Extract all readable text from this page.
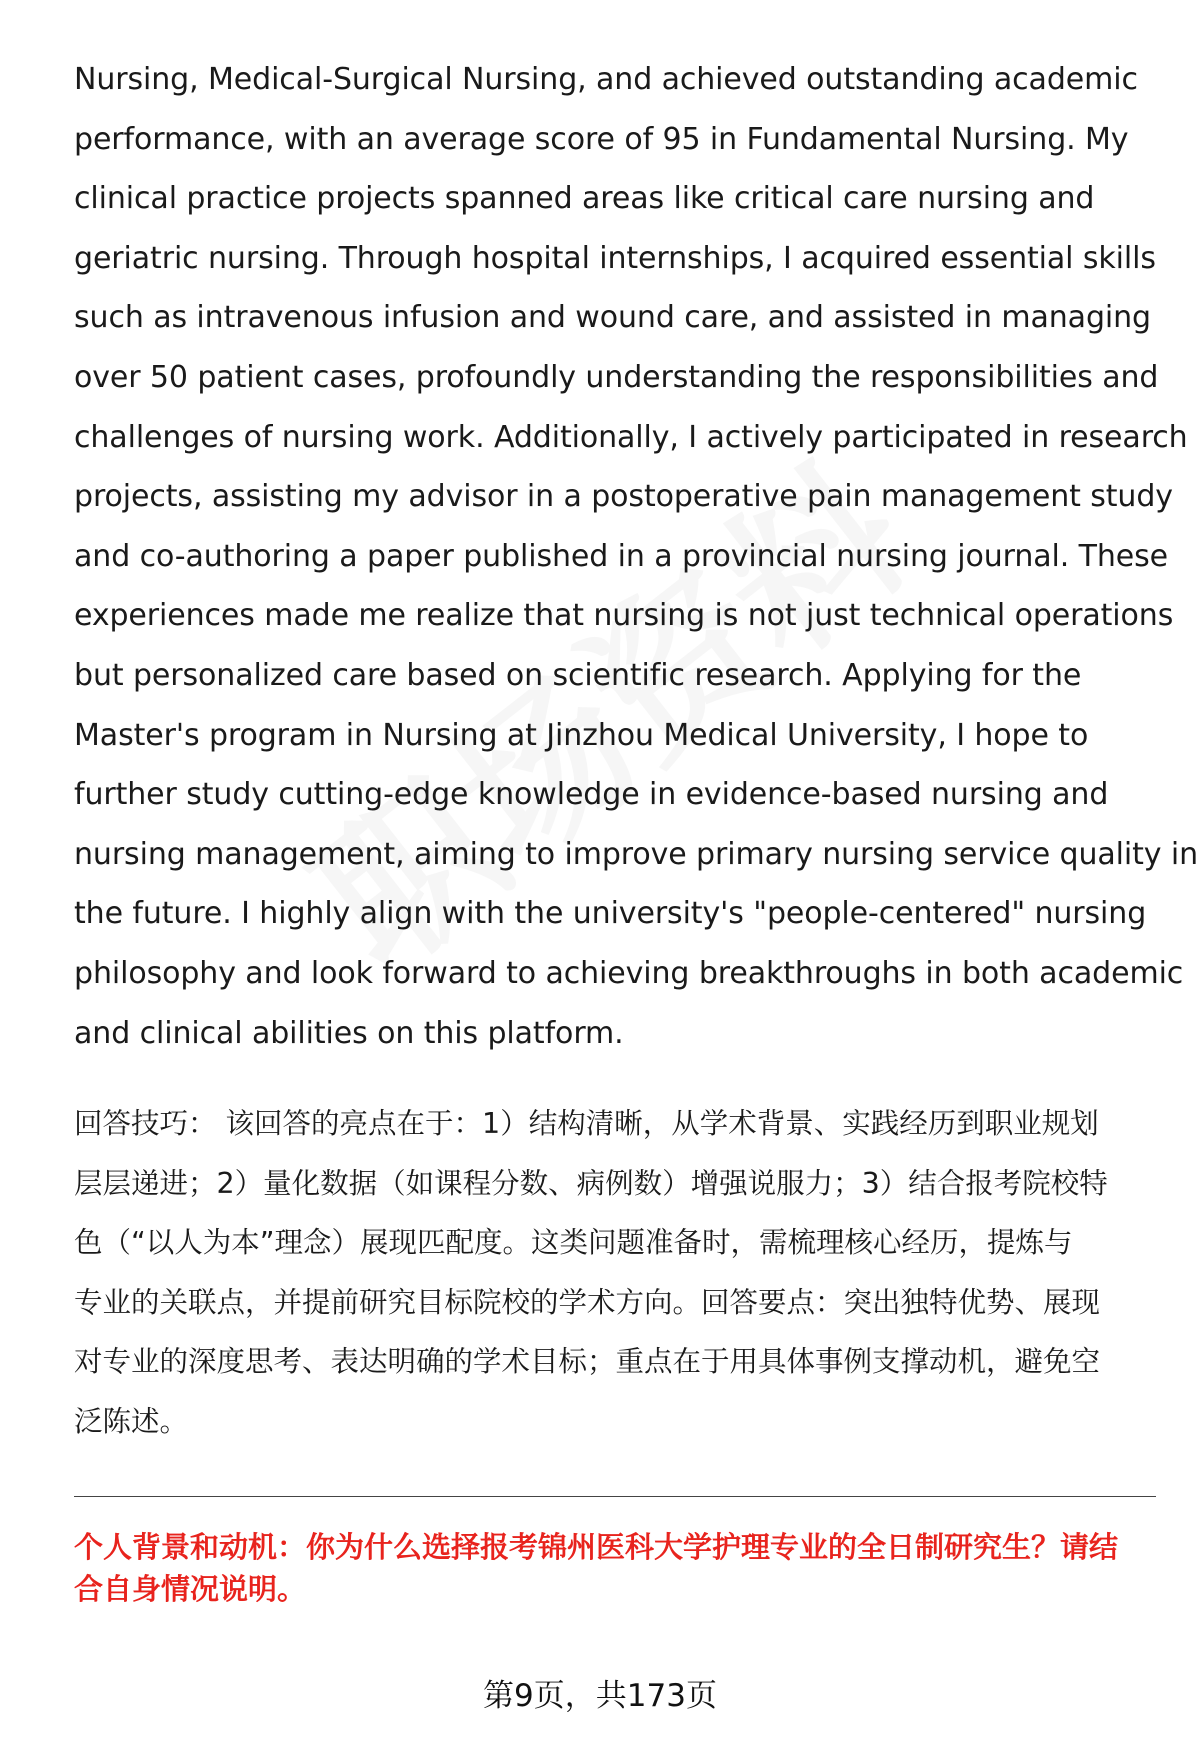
Nursing, Medical-Surgical Nursing, and achieved outstanding academic
performance, with an average score of 95 in Fundamental Nursing. My
clinical practice projects spanned areas like critical care nursing and
geriatric nursing. Through hospital internships, I acquired essential skills
such as intravenous infusion and wound care, and assisted in managing
over 50 patient cases, profoundly understanding the responsibilities and
challenges of nursing work. Additionally, I actively participated in research
projects, assisting my advisor in a postoperative pain management study
and co-authoring a paper published in a provincial nursing journal. These
experiences made me realize that nursing is not just technical operations
but personalized care based on scientific research. Applying for the
Master's program in Nursing at Jinzhou Medical University, I hope to
further study cutting-edge knowledge in evidence-based nursing and
nursing management, aiming to improve primary nursing service quality in
the future. I highly align with the university's "people-centered" nursing
philosophy and look forward to achieving breakthroughs in both academic
and clinical abilities on this platform.

回答技巧： 该回答的亮点在于：1）结构清晰，从学术背景、实践经历到职业规划
层层递进；2）量化数据（如课程分数、病例数）增强说服力；3）结合报考院校特
色（“以人为本”理念）展现匹配度。这类问题准备时，需梳理核心经历，提炼与
专业的关联点，并提前研究目标院校的学术方向。回答要点：突出独特优势、展现
对专业的深度思考、表达明确的学术目标；重点在于用具体事例支撑动机，避免空
泛陈述。

个人背景和动机：你为什么选择报考锦州医科大学护理专业的全日制研究生？请结
合自身情况说明。

第9页，共173页
